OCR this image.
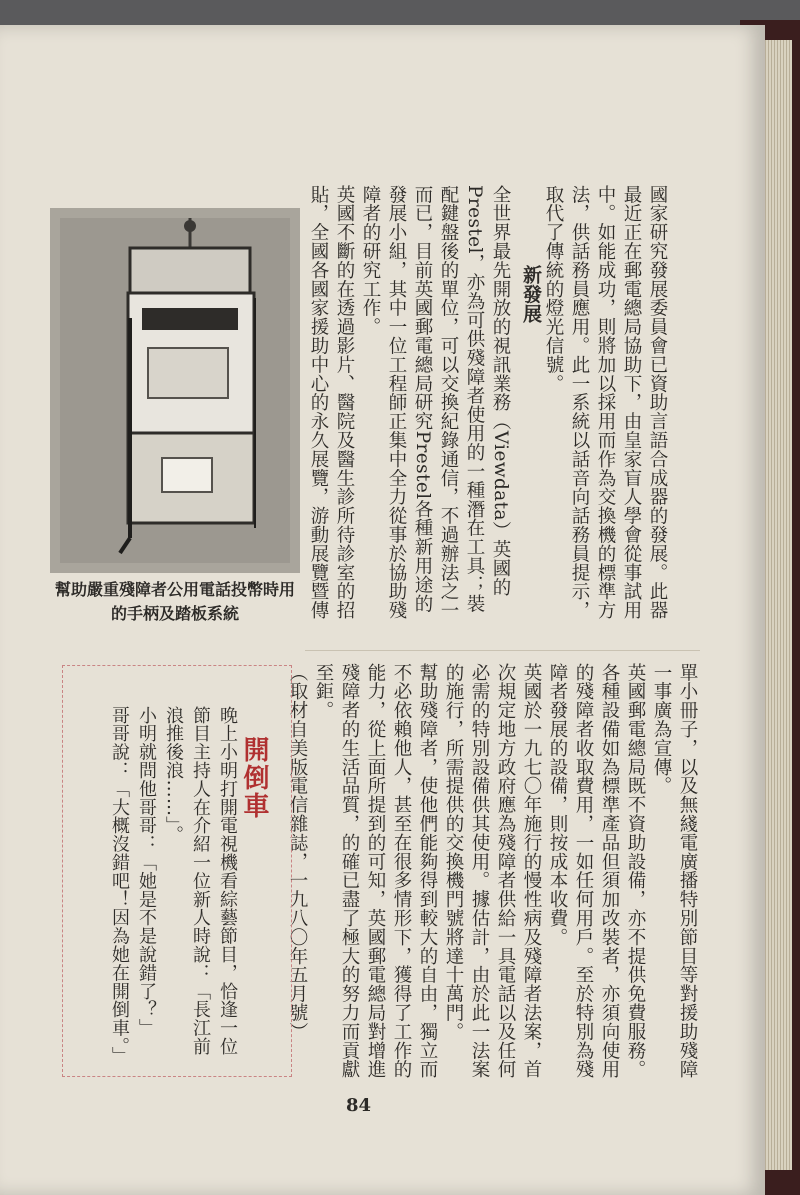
國家研究發展委員會已資助言語合成器的發展。此器最近正在郵電總局協助下，由皇家盲人學會從事試用中。如能成功，則將加以採用而作為交換機的標準方法，供話務員應用。此一系統以話音向話務員提示，取代了傳統的燈光信號。
新發展
全世界最先開放的視訊業務（Viewdata）英國的Prestel，亦為可供殘障者使用的一種潛在工具；裝配鍵盤後的單位，可以交換紀錄通信，不過辦法之一而已，目前英國郵電總局研究Prestel各種新用途的發展小組，其中一位工程師正集中全力從事於協助殘障者的研究工作。
英國不斷的在透過影片、醫院及醫生診所待診室的招貼，全國各國家援助中心的永久展覽，游動展覽暨傳
幫助嚴重殘障者公用電話投幣時用的手柄及踏板系統
單小冊子，以及無綫電廣播特別節目等對援助殘障一事廣為宣傳。
英國郵電總局既不資助設備，亦不提供免費服務。各種設備如為標準產品但須加改裝者，亦須向使用的殘障者收取費用，一如任何用戶。至於特別為殘障者發展的設備，則按成本收費。
英國於一九七〇年施行的慢性病及殘障者法案，首次規定地方政府應為殘障者供給一具電話以及任何必需的特別設備供其使用。據估計，由於此一法案的施行，所需提供的交換機門號將達十萬門。
幫助殘障者，使他們能夠得到較大的自由，獨立而不必依賴他人，甚至在很多情形下，獲得了工作的能力，從上面所提到的可知，英國郵電總局對增進殘障者的生活品質，的確已盡了極大的努力而貢獻至鉅。
（取材自美版電信雜誌，一九八〇年五月號）
開倒車
晚上小明打開電視機看綜藝節目，恰逢一位節目主持人在介紹一位新人時說：「長江前浪推後浪……」。
小明就問他哥哥：「她是不是說錯了？」
哥哥說：「大概沒錯吧！因為她在開倒車。」
84
